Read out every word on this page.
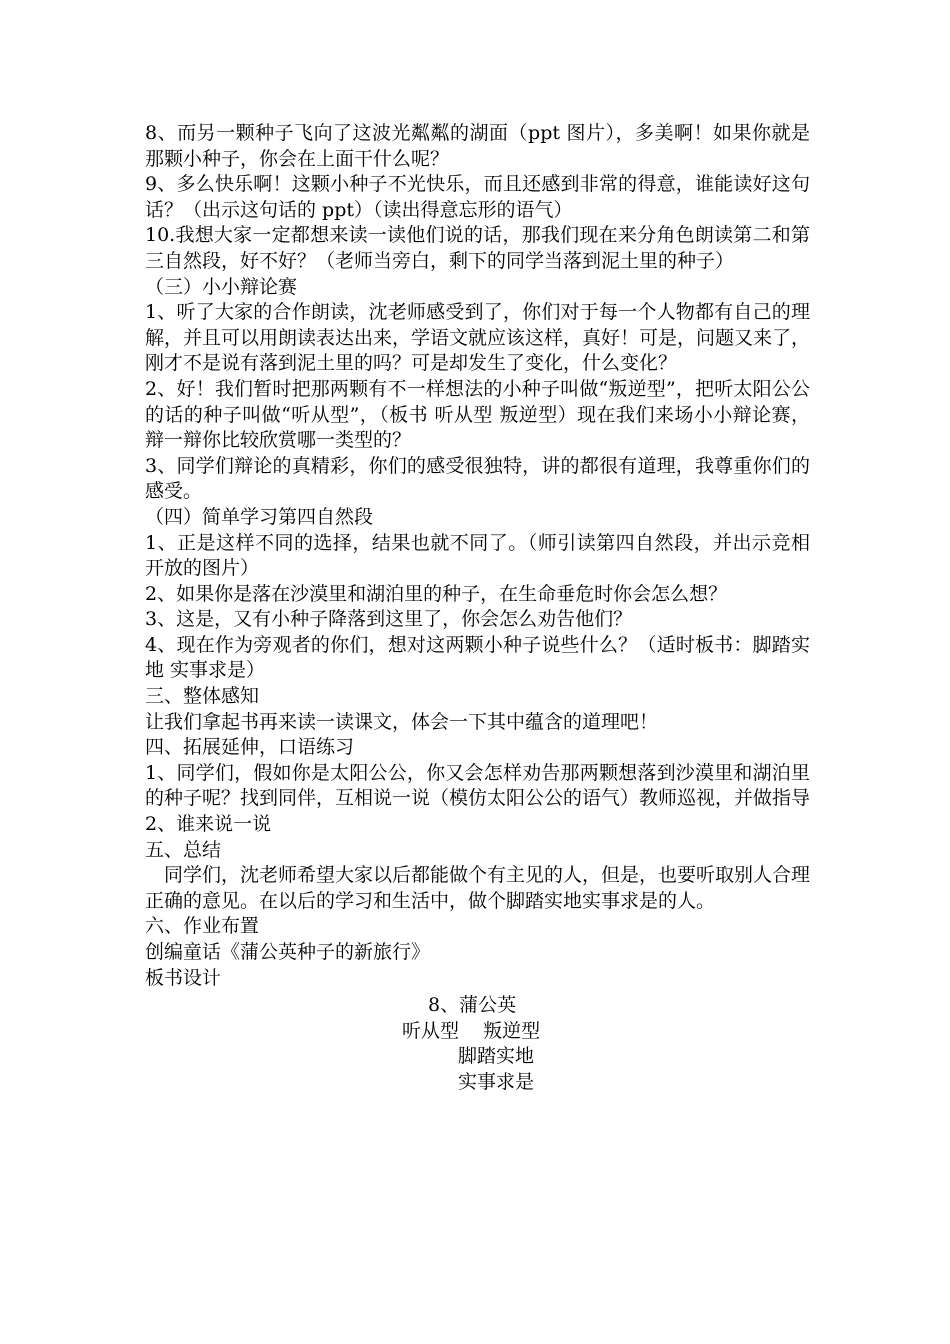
8、而另一颗种子飞向了这波光粼粼的湖面（ppt 图片），多美啊！如果你就是那颗小种子，你会在上面干什么呢？

9、多么快乐啊！这颗小种子不光快乐，而且还感到非常的得意，谁能读好这句话？（出示这句话的 ppt）（读出得意忘形的语气）

10.我想大家一定都想来读一读他们说的话，那我们现在来分角色朗读第二和第三自然段，好不好？（老师当旁白，剩下的同学当落到泥土里的种子）

（三）小小辩论赛

1、听了大家的合作朗读，沈老师感受到了，你们对于每一个人物都有自己的理解，并且可以用朗读表达出来，学语文就应该这样，真好！可是，问题又来了，刚才不是说有落到泥土里的吗？可是却发生了变化，什么变化？

2、好！我们暂时把那两颗有不一样想法的小种子叫做“叛逆型”，把听太阳公公的话的种子叫做“听从型”，（板书 听从型 叛逆型）现在我们来场小小辩论赛，辩一辩你比较欣赏哪一类型的？

3、同学们辩论的真精彩，你们的感受很独特，讲的都很有道理，我尊重你们的感受。

（四）简单学习第四自然段

1、正是这样不同的选择，结果也就不同了。（师引读第四自然段，并出示竞相开放的图片）

2、如果你是落在沙漠里和湖泊里的种子，在生命垂危时你会怎么想？

3、这是，又有小种子降落到这里了，你会怎么劝告他们？

4、现在作为旁观者的你们，想对这两颗小种子说些什么？（适时板书：脚踏实地 实事求是）

三、整体感知

让我们拿起书再来读一读课文，体会一下其中蕴含的道理吧！

四、拓展延伸，口语练习

1、同学们，假如你是太阳公公，你又会怎样劝告那两颗想落到沙漠里和湖泊里的种子呢？找到同伴，互相说一说（模仿太阳公公的语气）教师巡视，并做指导

2、谁来说一说

五、总结

同学们，沈老师希望大家以后都能做个有主见的人，但是，也要听取别人合理正确的意见。在以后的学习和生活中，做个脚踏实地实事求是的人。

六、作业布置

创编童话《蒲公英种子的新旅行》

板书设计

8、蒲公英
听从型    叛逆型
脚踏实地
实事求是
